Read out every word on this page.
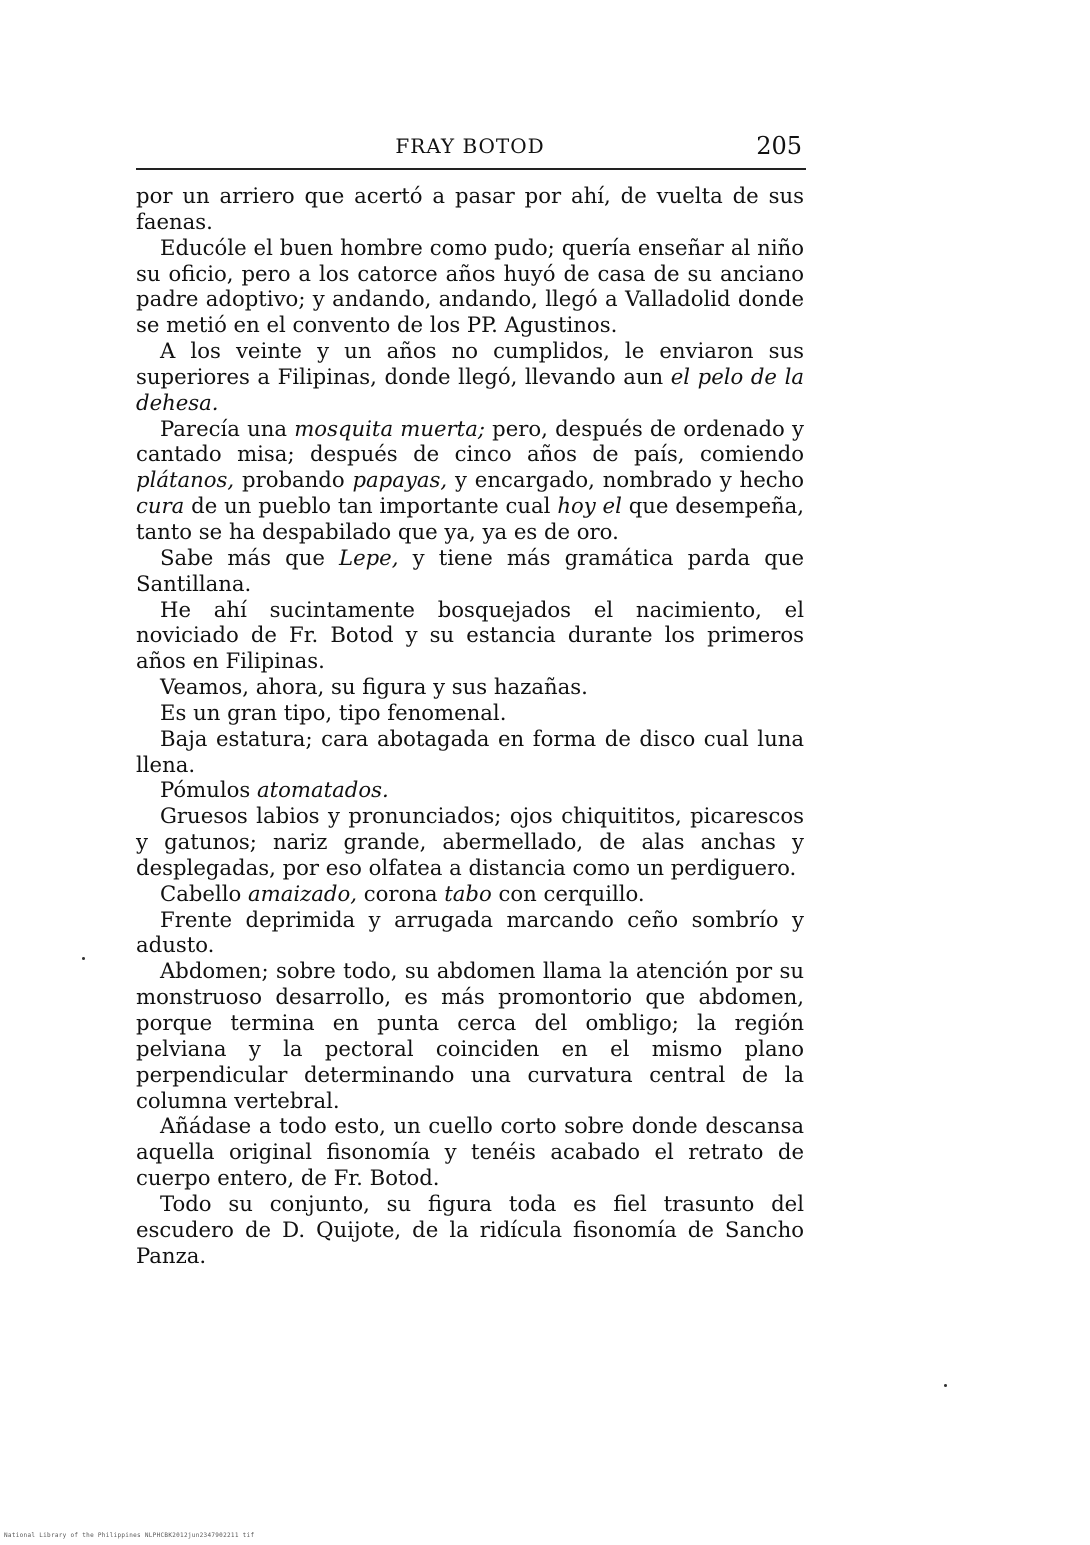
FRAY BOTOD	205

por un arriero que acertó a pasar por ahí, de vuelta de sus faenas.

Educóle el buen hombre como pudo; quería enseñar al niño su oficio, pero a los catorce años huyó de casa de su anciano padre adoptivo; y andando, andando, llegó a Valladolid donde se metió en el convento de los PP. Agustinos.

A los veinte y un años no cumplidos, le enviaron sus superiores a Filipinas, donde llegó, llevando aun el pelo de la dehesa.

Parecía una mosquita muerta; pero, después de ordenado y cantado misa; después de cinco años de país, comiendo plátanos, probando papayas, y encargado, nombrado y hecho cura de un pueblo tan importante cual hoy el que desempeña, tanto se ha despabilado que ya, ya es de oro.

Sabe más que Lepe, y tiene más gramática parda que Santillana.

He ahí sucintamente bosquejados el nacimiento, el noviciado de Fr. Botod y su estancia durante los primeros años en Filipinas.

Veamos, ahora, su figura y sus hazañas.

Es un gran tipo, tipo fenomenal.

Baja estatura; cara abotagada en forma de disco cual luna llena.

Pómulos atomatados.

Gruesos labios y pronunciados; ojos chiquititos, picarescos y gatunos; nariz grande, abermellado, de alas anchas y desplegadas, por eso olfatea a distancia como un perdiguero.

Cabello amaizado, corona tabo con cerquillo.

Frente deprimida y arrugada marcando ceño sombrío y adusto.

Abdomen; sobre todo, su abdomen llama la atención por su monstruoso desarrollo, es más promontorio que abdomen, porque termina en punta cerca del ombligo; la región pelviana y la pectoral coinciden en el mismo plano perpendicular determinando una curvatura central de la columna vertebral.

Añádase a todo esto, un cuello corto sobre donde descansa aquella original fisonomía y tenéis acabado el retrato de cuerpo entero, de Fr. Botod.

Todo su conjunto, su figura toda es fiel trasunto del escudero de D. Quijote, de la ridícula fisonomía de Sancho Panza.

National Library of the Philippines NLPHCBK2012jun2347902211 tif
